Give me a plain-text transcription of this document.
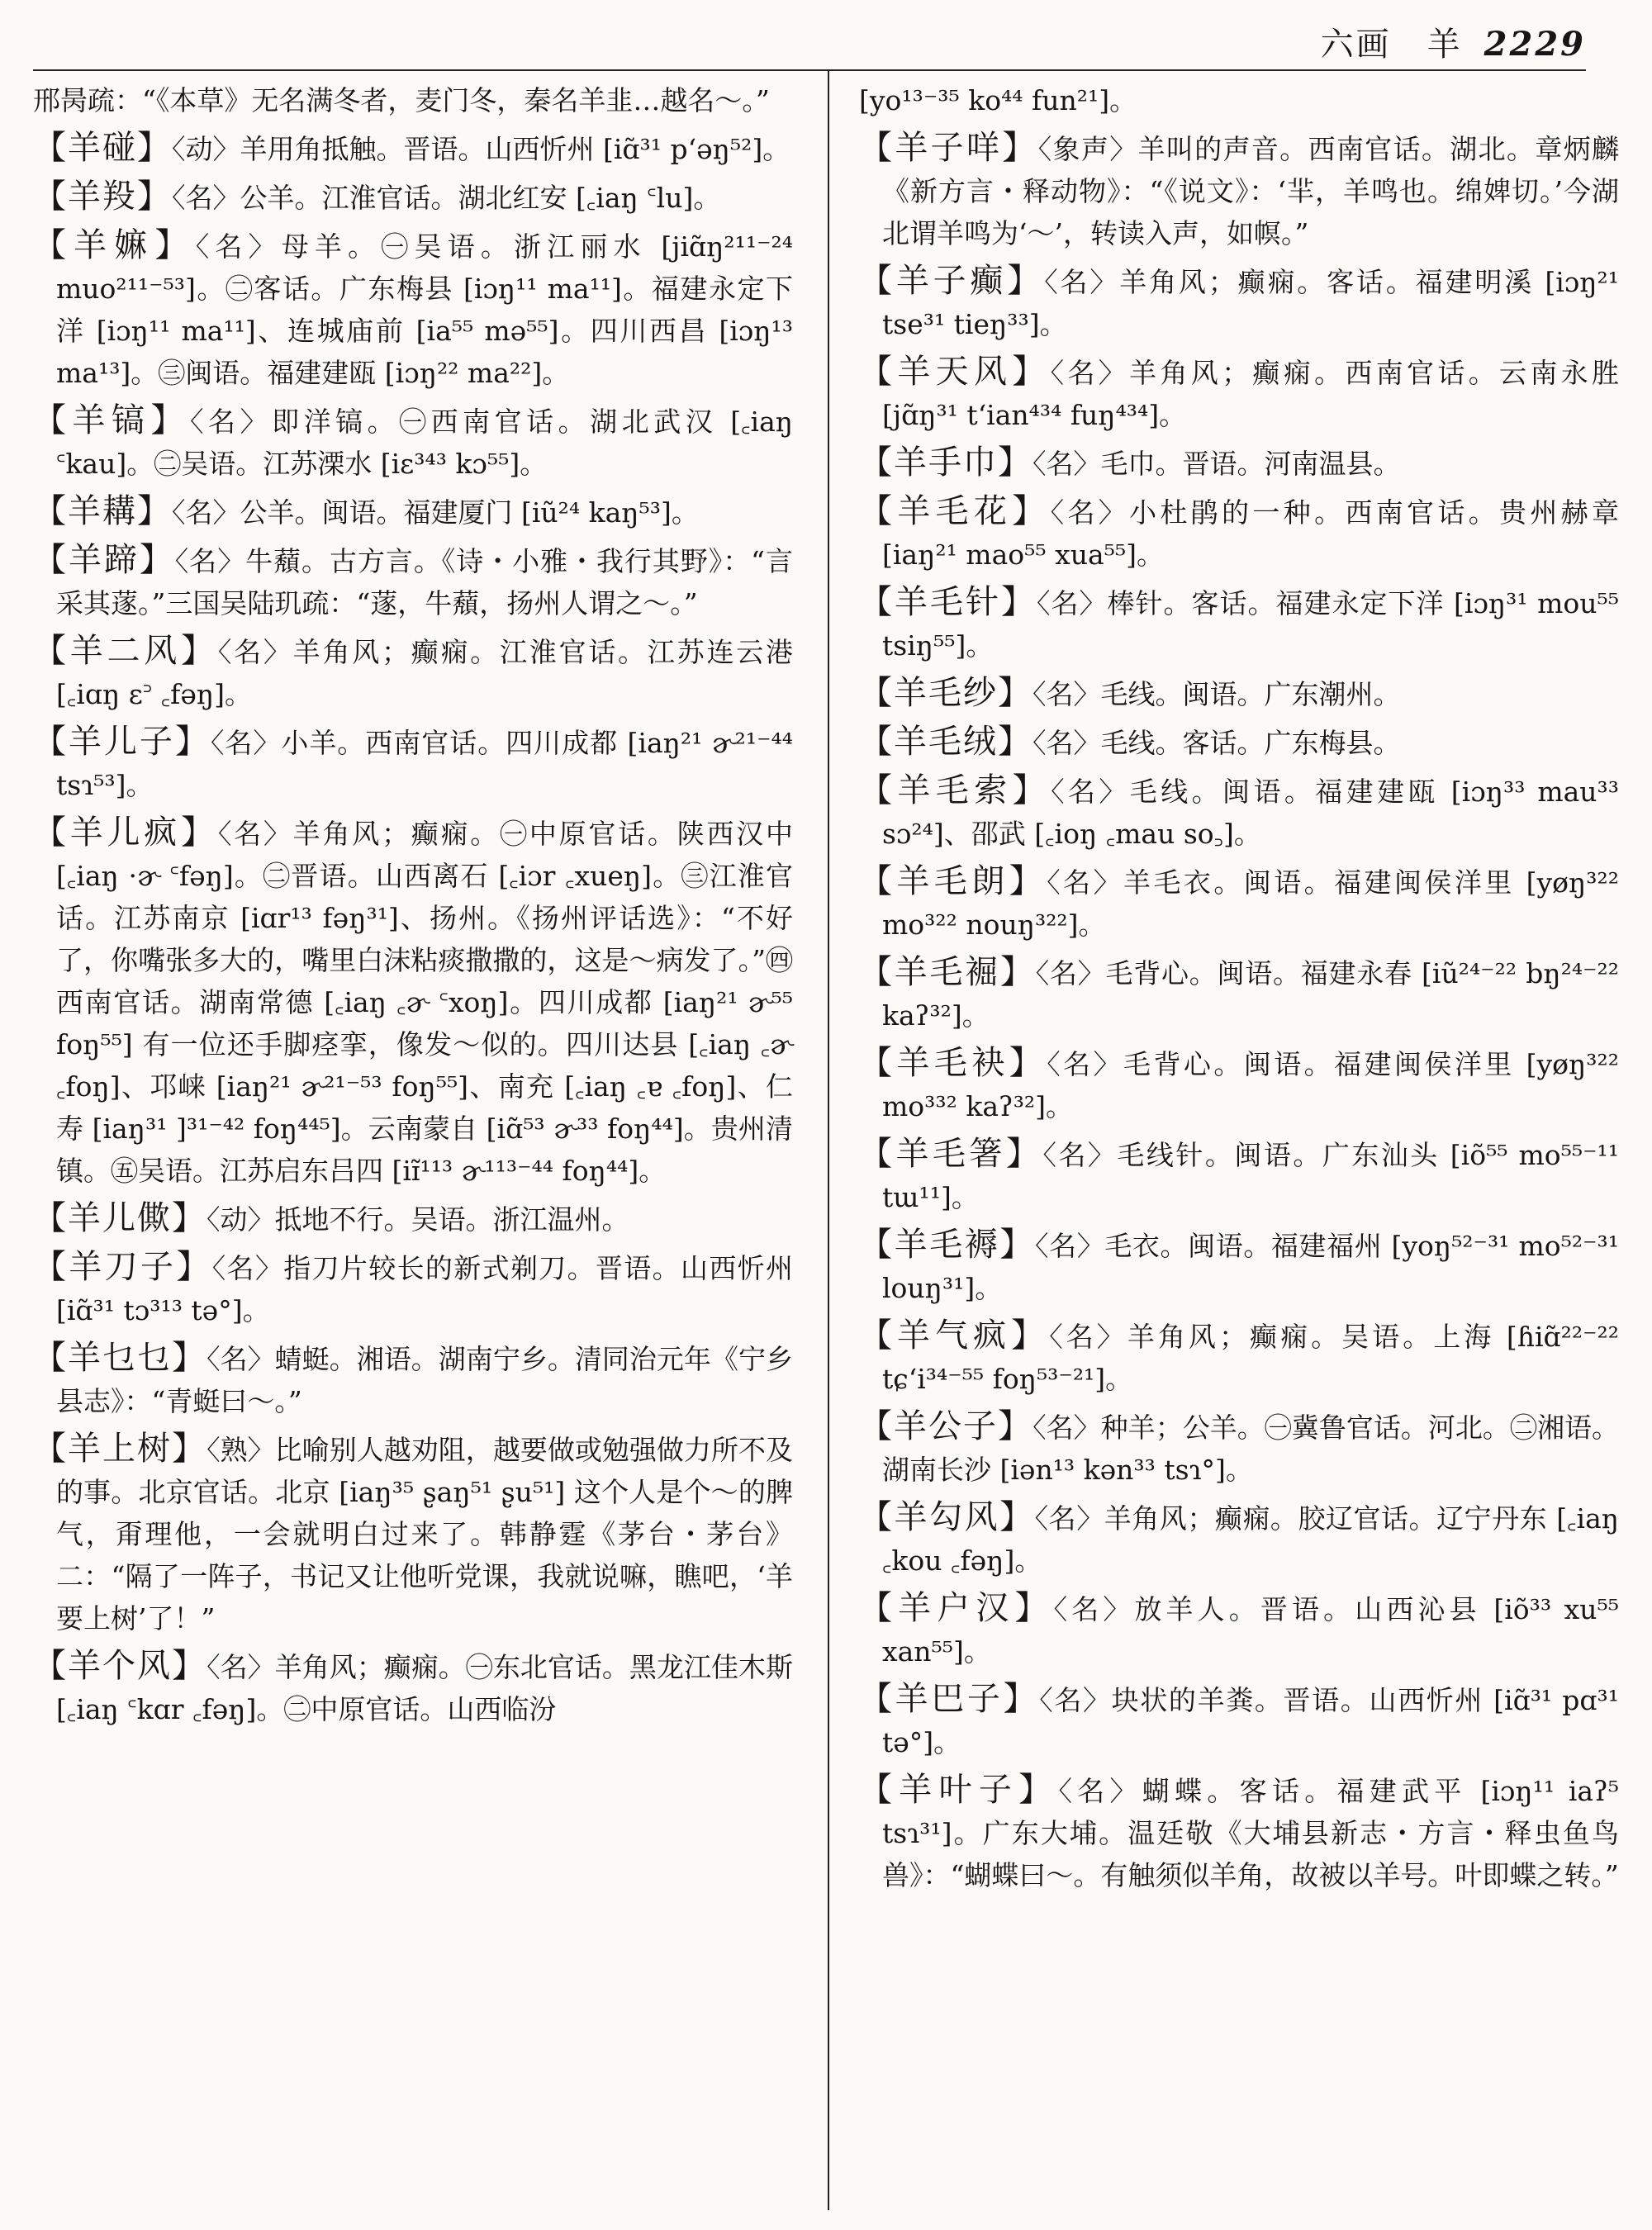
六画　羊 2229

邢昺疏：“《本草》无名满冬者，麦门冬，秦名羊韭…越名～。”

【羊碰】〈动〉羊用角抵触。晋语。山西忻州 [iɑ̃³¹ pʻəŋ⁵²]。

【羊羖】〈名〉公羊。江淮官话。湖北红安 [꜀iaŋ ꜂lu]。

【羊嫲】〈名〉母羊。㊀吴语。浙江丽水 [jiɑ̃ŋ²¹¹⁻²⁴ muo²¹¹⁻⁵³]。㊁客话。广东梅县 [iɔŋ¹¹ ma¹¹]。福建永定下洋 [iɔŋ¹¹ ma¹¹]、连城庙前 [ia⁵⁵ mə⁵⁵]。四川西昌 [iɔŋ¹³ ma¹³]。㊂闽语。福建建瓯 [iɔŋ²² ma²²]。

【羊镐】〈名〉即洋镐。㊀西南官话。湖北武汉 [꜀iaŋ ꜂kau]。㊁吴语。江苏溧水 [iɛ³⁴³ kɔ⁵⁵]。

【羊耩】〈名〉公羊。闽语。福建厦门 [iũ²⁴ kaŋ⁵³]。

【羊蹄】〈名〉牛蘈。古方言。《诗・小雅・我行其野》：“言采其蓫。”三国吴陆玑疏：“蓫，牛蘈，扬州人谓之～。”

【羊二风】〈名〉羊角风；癫痫。江淮官话。江苏连云港 [꜀iɑŋ ɛ꜄ ꜀fəŋ]。

【羊儿子】〈名〉小羊。西南官话。四川成都 [iaŋ²¹ ɚ²¹⁻⁴⁴ tsɿ⁵³]。

【羊儿疯】〈名〉羊角风；癫痫。㊀中原官话。陕西汉中 [꜀iaŋ ·ɚ ꜂fəŋ]。㊁晋语。山西离石 [꜀iɔr ꜀xueŋ]。㊂江淮官话。江苏南京 [iɑr¹³ fəŋ³¹]、扬州。《扬州评话选》：“不好了，你嘴张多大的，嘴里白沫粘痰撒撒的，这是～病发了。”㊃西南官话。湖南常德 [꜀iaŋ ꜀ɚ ꜂xoŋ]。四川成都 [iaŋ²¹ ɚ⁵⁵ foŋ⁵⁵] 有一位还手脚痉挛，像发～似的。四川达县 [꜀iaŋ ꜀ɚ ꜀foŋ]、邛崃 [iaŋ²¹ ɚ²¹⁻⁵³ foŋ⁵⁵]、南充 [꜀iaŋ ꜀ɐ ꜀foŋ]、仁寿 [iaŋ³¹ ]³¹⁻⁴² foŋ⁴⁴⁵]。云南蒙自 [iɑ̃⁵³ ɚ³³ foŋ⁴⁴]。贵州清镇。㊄吴语。江苏启东吕四 [iɪ̃¹¹³ ɚ¹¹³⁻⁴⁴ foŋ⁴⁴]。

【羊儿僛】〈动〉抵地不行。吴语。浙江温州。

【羊刀子】〈名〉指刀片较长的新式剃刀。晋语。山西忻州 [iɑ̃³¹ tɔ³¹³ tə°]。

【羊乜乜】〈名〉蜻蜓。湘语。湖南宁乡。清同治元年《宁乡县志》：“青蜓曰～。”

【羊上树】〈熟〉比喻别人越劝阻，越要做或勉强做力所不及的事。北京官话。北京 [iaŋ³⁵ ʂaŋ⁵¹ ʂu⁵¹] 这个人是个～的脾气，甭理他，一会就明白过来了。韩静霆《茅台・茅台》二：“隔了一阵子，书记又让他听党课，我就说嘛，瞧吧，‘羊要上树’了！”

【羊个风】〈名〉羊角风；癫痫。㊀东北官话。黑龙江佳木斯 [꜀iaŋ ꜂kɑr ꜀fəŋ]。㊁中原官话。山西临汾

[yo¹³⁻³⁵ ko⁴⁴ fun²¹]。

【羊子咩】〈象声〉羊叫的声音。西南官话。湖北。章炳麟《新方言・释动物》：“《说文》：‘羋，羊鸣也。绵婢切。’今湖北谓羊鸣为‘～’，转读入声，如幎。”

【羊子癫】〈名〉羊角风；癫痫。客话。福建明溪 [iɔŋ²¹ tse³¹ tieŋ³³]。

【羊天风】〈名〉羊角风；癫痫。西南官话。云南永胜 [jɑ̃ŋ³¹ tʻian⁴³⁴ fuŋ⁴³⁴]。

【羊手巾】〈名〉毛巾。晋语。河南温县。

【羊毛花】〈名〉小杜鹃的一种。西南官话。贵州赫章 [iaŋ²¹ mao⁵⁵ xua⁵⁵]。

【羊毛针】〈名〉棒针。客话。福建永定下洋 [iɔŋ³¹ mou⁵⁵ tsiŋ⁵⁵]。

【羊毛纱】〈名〉毛线。闽语。广东潮州。

【羊毛绒】〈名〉毛线。客话。广东梅县。

【羊毛索】〈名〉毛线。闽语。福建建瓯 [iɔŋ³³ mau³³ sɔ²⁴]、邵武 [꜀ioŋ ꜀mau so꜆]。

【羊毛朗】〈名〉羊毛衣。闽语。福建闽侯洋里 [yøŋ³²² mo³²² nouŋ³²²]。

【羊毛䘿】〈名〉毛背心。闽语。福建永春 [iũ²⁴⁻²² bŋ²⁴⁻²² kaʔ³²]。

【羊毛袂】〈名〉毛背心。闽语。福建闽侯洋里 [yøŋ³²² mo³³² kaʔ³²]。

【羊毛箸】〈名〉毛线针。闽语。广东汕头 [iõ⁵⁵ mo⁵⁵⁻¹¹ tɯ¹¹]。

【羊毛褥】〈名〉毛衣。闽语。福建福州 [yoŋ⁵²⁻³¹ mo⁵²⁻³¹ louŋ³¹]。

【羊气疯】〈名〉羊角风；癫痫。吴语。上海 [ɦiɑ̃²²⁻²² tɕʻi³⁴⁻⁵⁵ foŋ⁵³⁻²¹]。

【羊公子】〈名〉种羊；公羊。㊀冀鲁官话。河北。㊁湘语。湖南长沙 [iən¹³ kən³³ tsɿ°]。

【羊勾风】〈名〉羊角风；癫痫。胶辽官话。辽宁丹东 [꜀iaŋ ꜀kou ꜀fəŋ]。

【羊户汉】〈名〉放羊人。晋语。山西沁县 [iõ³³ xu⁵⁵ xan⁵⁵]。

【羊巴子】〈名〉块状的羊粪。晋语。山西忻州 [iɑ̃³¹ pɑ³¹ tə°]。

【羊叶子】〈名〉蝴蝶。客话。福建武平 [iɔŋ¹¹ iaʔ⁵ tsɿ³¹]。广东大埔。温廷敬《大埔县新志・方言・释虫鱼鸟兽》：“蝴蝶曰～。有触须似羊角，故被以羊号。叶即蝶之转。”
